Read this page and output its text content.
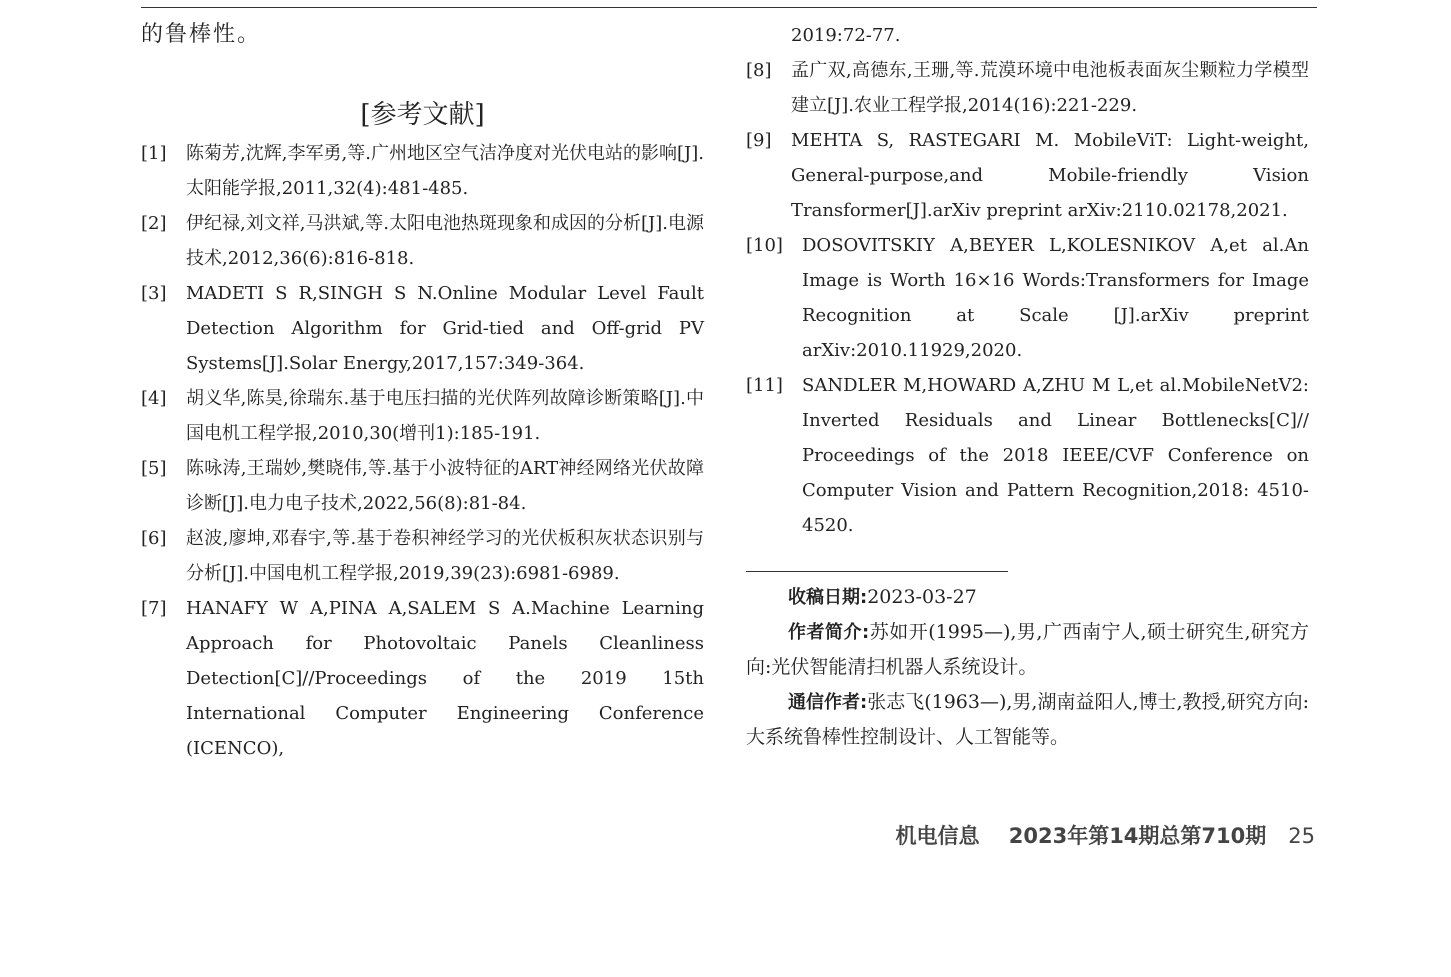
的鲁棒性。

[参考文献]
[1]	陈菊芳,沈辉,李军勇,等.广州地区空气洁净度对光伏电站的影响[J].太阳能学报,2011,32(4):481-485.
[2]	伊纪禄,刘文祥,马洪斌,等.太阳电池热斑现象和成因的分析[J].电源技术,2012,36(6):816-818.
[3]	MADETI S R,SINGH S N.Online Modular Level Fault Detection Algorithm for Grid-tied and Off-grid PV Systems[J].Solar Energy,2017,157:349-364.
[4]	胡义华,陈昊,徐瑞东.基于电压扫描的光伏阵列故障诊断策略[J].中国电机工程学报,2010,30(增刊1):185-191.
[5]	陈咏涛,王瑞妙,樊晓伟,等.基于小波特征的ART神经网络光伏故障诊断[J].电力电子技术,2022,56(8):81-84.
[6]	赵波,廖坤,邓春宇,等.基于卷积神经学习的光伏板积灰状态识别与分析[J].中国电机工程学报,2019,39(23):6981-6989.
[7]	HANAFY W A,PINA A,SALEM S A.Machine Learning Approach for Photovoltaic Panels Cleanliness Detection[C]//Proceedings of the 2019 15th International Computer Engineering Conference (ICENCO),

2019:72-77.

[8]	孟广双,高德东,王珊,等.荒漠环境中电池板表面灰尘颗粒力学模型建立[J].农业工程学报,2014(16):221-229.
[9]	MEHTA S, RASTEGARI M. MobileViT: Light-weight, General-purpose,and Mobile-friendly Vision Transformer[J].arXiv preprint arXiv:2110.02178,2021.
[10]	DOSOVITSKIY A,BEYER L,KOLESNIKOV A,et al.An Image is Worth 16×16 Words:Transformers for Image Recognition at Scale [J].arXiv preprint arXiv:2010.11929,2020.
[11]	SANDLER M,HOWARD A,ZHU M L,et al.MobileNetV2: Inverted Residuals and Linear Bottlenecks[C]// Proceedings of the 2018 IEEE/CVF Conference on Computer Vision and Pattern Recognition,2018: 4510-4520.

收稿日期:2023-03-27

作者简介:苏如开(1995—),男,广西南宁人,硕士研究生,研究方向:光伏智能清扫机器人系统设计。

通信作者:张志飞(1963—),男,湖南益阳人,博士,教授,研究方向:大系统鲁棒性控制设计、人工智能等。

机电信息 2023年第14期总第710期 25
